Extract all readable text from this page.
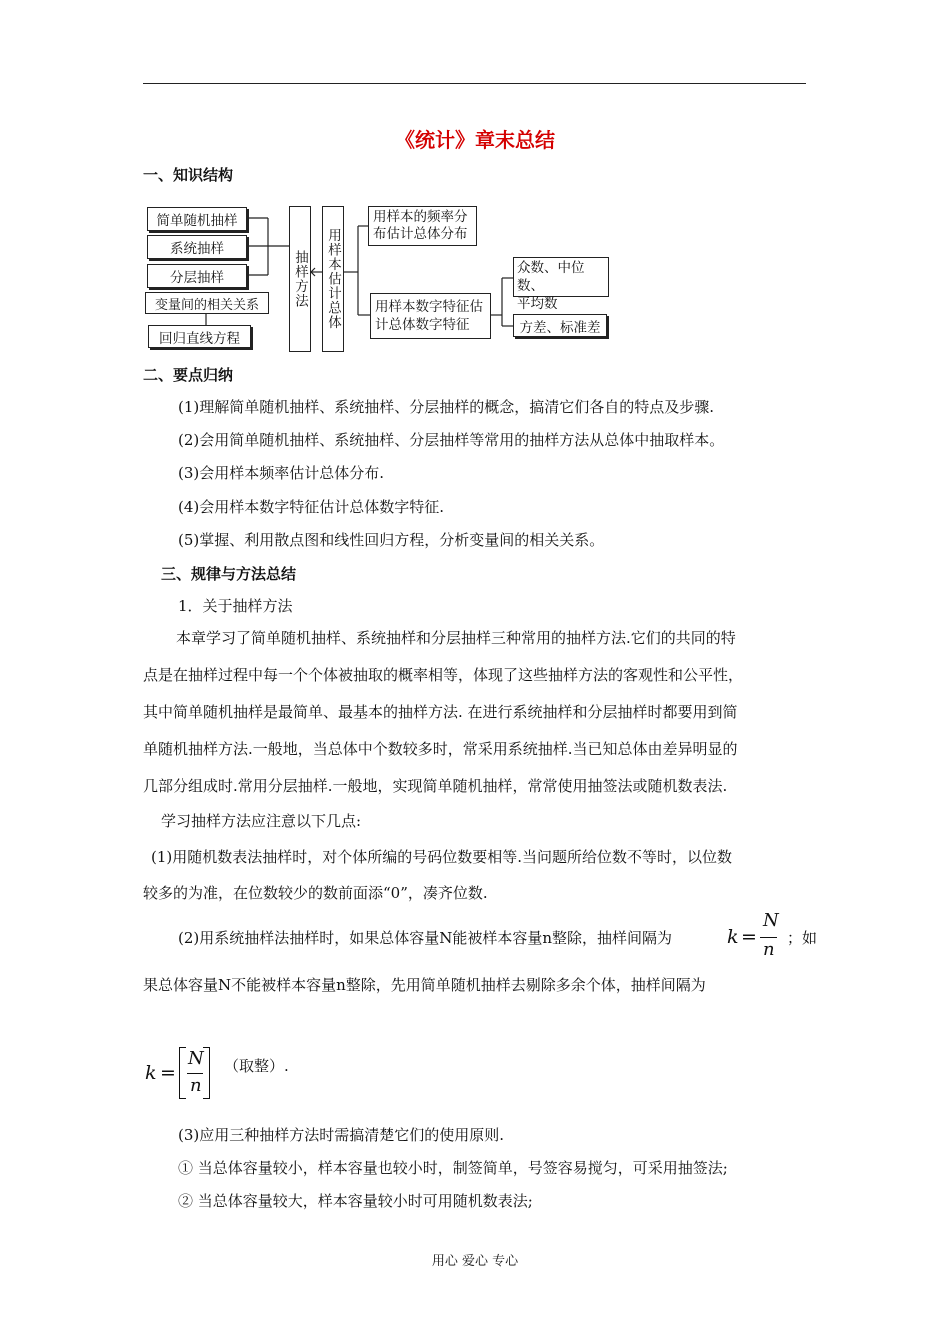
《统计》章末总结
一、知识结构
简单随机抽样
系统抽样
分层抽样
变量间的相关关系
回归直线方程
抽样方法 用样本估计总体
用样本的频率分
布估计总体分布
用样本数字特征估
计总体数字特征
众数、中位数、
平均数
方差、标准差
二、要点归纳
(1)理解简单随机抽样、系统抽样、分层抽样的概念，搞清它们各自的特点及步骤.
(2)会用简单随机抽样、系统抽样、分层抽样等常用的抽样方法从总体中抽取样本。
(3)会用样本频率估计总体分布.
(4)会用样本数字特征估计总体数字特征.
(5)掌握、利用散点图和线性回归方程，分析变量间的相关关系。
三、规律与方法总结
1．关于抽样方法
本章学习了简单随机抽样、系统抽样和分层抽样三种常用的抽样方法.它们的共同的特
点是在抽样过程中每一个个体被抽取的概率相等，体现了这些抽样方法的客观性和公平性，
其中简单随机抽样是最简单、最基本的抽样方法. 在进行系统抽样和分层抽样时都要用到简
单随机抽样方法.一般地，当总体中个数较多时，常采用系统抽样.当已知总体由差异明显的
几部分组成时.常用分层抽样.一般地，实现简单随机抽样，常常使用抽签法或随机数表法.
学习抽样方法应注意以下几点:
(1)用随机数表法抽样时，对个体所编的号码位数要相等.当问题所给位数不等时，以位数
较多的为准，在位数较少的数前面添“0”，凑齐位数.
(2)用系统抽样法抽样时，如果总体容量N能被样本容量n整除，抽样间隔为	k =
N
n
；如
果总体容量N不能被样本容量n整除，先用简单随机抽样去剔除多余个体，抽样间隔为
k =
N
n
（取整）.
(3)应用三种抽样方法时需搞清楚它们的使用原则.
① 当总体容量较小，样本容量也较小时，制签简单，号签容易搅匀，可采用抽签法;
② 当总体容量较大，样本容量较小时可用随机数表法;
用心 爱心 专心
